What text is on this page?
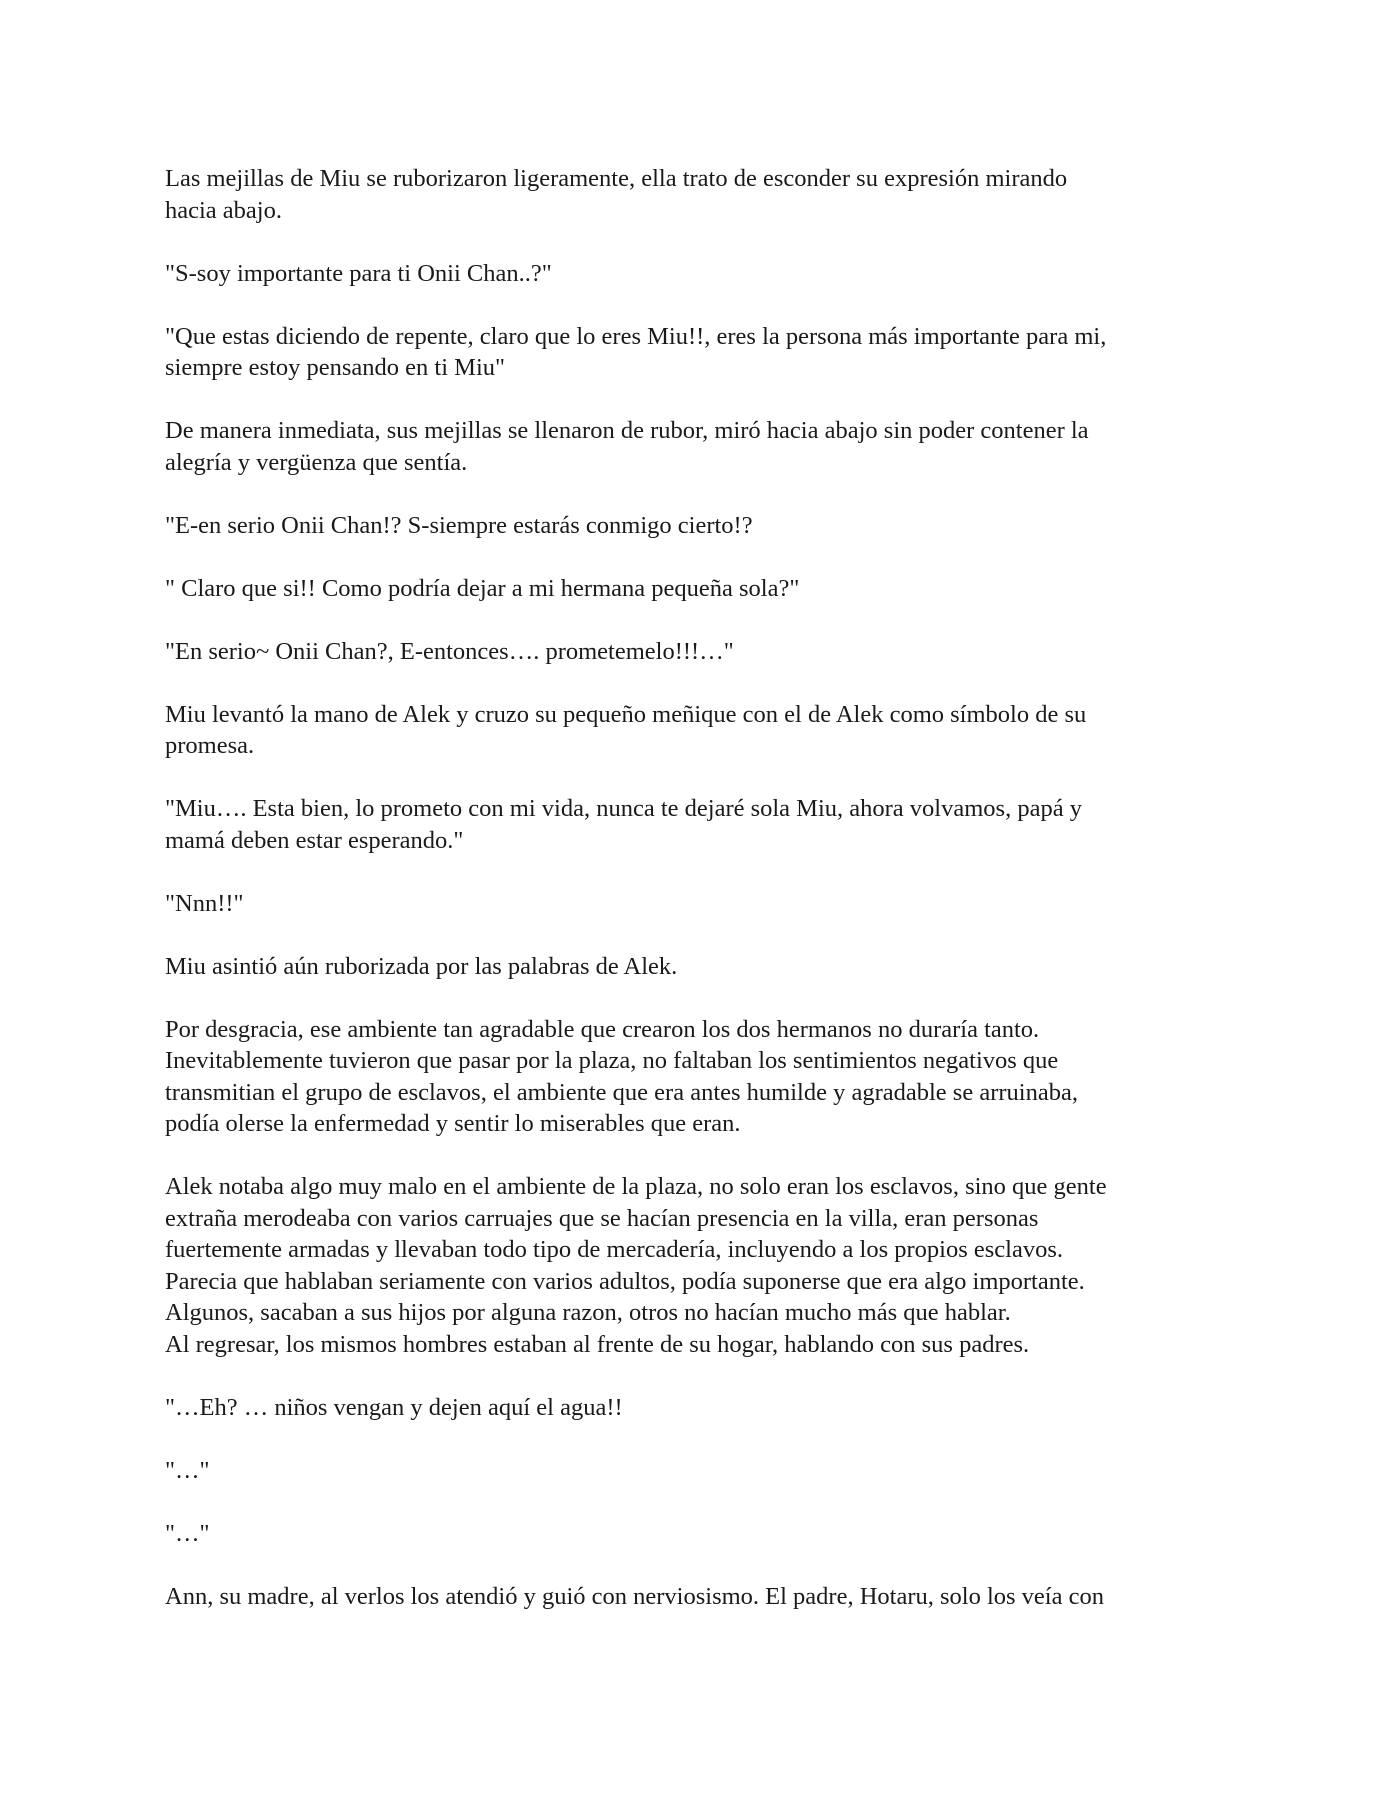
Las mejillas de Miu se ruborizaron ligeramente, ella trato de esconder su expresión mirando
hacia abajo.
"S-soy importante para ti Onii Chan..?"
"Que estas diciendo de repente, claro que lo eres Miu!!, eres la persona más importante para mi,
siempre estoy pensando en ti Miu"
De manera inmediata, sus mejillas se llenaron de rubor, miró hacia abajo sin poder contener la
alegría y vergüenza que sentía.
"E-en serio Onii Chan!? S-siempre estarás conmigo cierto!?
" Claro que si!! Como podría dejar a mi hermana pequeña sola?"
"En serio~ Onii Chan?, E-entonces…. prometemelo!!!…"
Miu levantó la mano de Alek y cruzo su pequeño meñique con el de Alek como símbolo de su
promesa.
"Miu…. Esta bien, lo prometo con mi vida, nunca te dejaré sola Miu, ahora volvamos, papá y
mamá deben estar esperando."
"Nnn!!"
Miu asintió aún ruborizada por las palabras de Alek.
Por desgracia, ese ambiente tan agradable que crearon los dos hermanos no duraría tanto.
Inevitablemente tuvieron que pasar por la plaza, no faltaban los sentimientos negativos que
transmitian el grupo de esclavos, el ambiente que era antes humilde y agradable se arruinaba,
podía olerse la enfermedad y sentir lo miserables que eran.
Alek notaba algo muy malo en el ambiente de la plaza, no solo eran los esclavos, sino que gente
extraña merodeaba con varios carruajes que se hacían presencia en la villa, eran personas
fuertemente armadas y llevaban todo tipo de mercadería, incluyendo a los propios esclavos.
Parecia que hablaban seriamente con varios adultos, podía suponerse que era algo importante.
Algunos, sacaban a sus hijos por alguna razon, otros no hacían mucho más que hablar.
Al regresar, los mismos hombres estaban al frente de su hogar, hablando con sus padres.
"…Eh? … niños vengan y dejen aquí el agua!!
"…"
"…"
Ann, su madre, al verlos los atendió y guió con nerviosismo. El padre, Hotaru, solo los veía con
